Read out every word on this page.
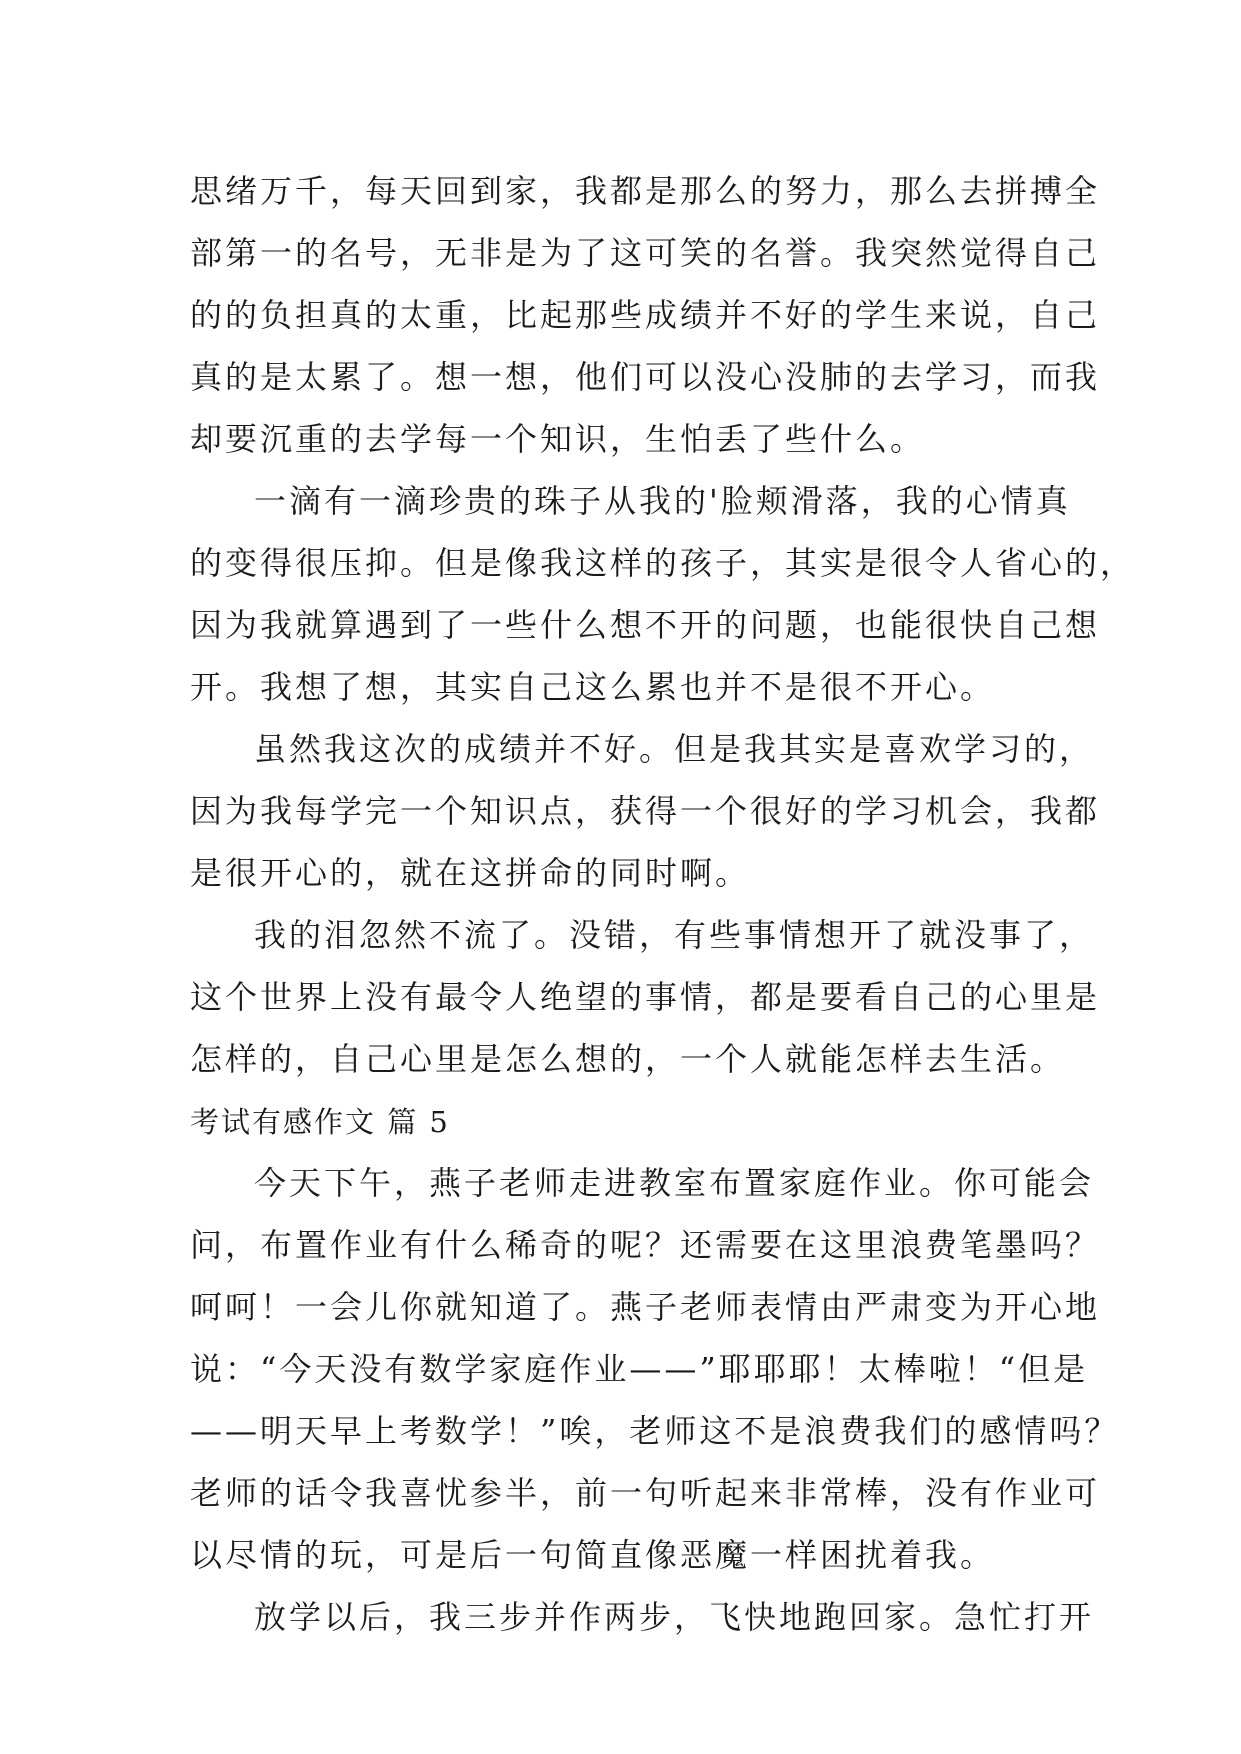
思绪万千，每天回到家，我都是那么的努力，那么去拼搏全
部第一的名号，无非是为了这可笑的名誉。我突然觉得自己
的的负担真的太重，比起那些成绩并不好的学生来说，自己
真的是太累了。想一想，他们可以没心没肺的去学习，而我
却要沉重的去学每一个知识，生怕丢了些什么。
一滴有一滴珍贵的珠子从我的'脸颊滑落，我的心情真
的变得很压抑。但是像我这样的孩子，其实是很令人省心的，
因为我就算遇到了一些什么想不开的问题，也能很快自己想
开。我想了想，其实自己这么累也并不是很不开心。
虽然我这次的成绩并不好。但是我其实是喜欢学习的，
因为我每学完一个知识点，获得一个很好的学习机会，我都
是很开心的，就在这拼命的同时啊。
我的泪忽然不流了。没错，有些事情想开了就没事了，
这个世界上没有最令人绝望的事情，都是要看自己的心里是
怎样的，自己心里是怎么想的，一个人就能怎样去生活。
考试有感作文 篇 5
今天下午，燕子老师走进教室布置家庭作业。你可能会
问，布置作业有什么稀奇的呢？还需要在这里浪费笔墨吗？
呵呵！一会儿你就知道了。燕子老师表情由严肃变为开心地
说：“今天没有数学家庭作业——”耶耶耶！太棒啦！“但是
——明天早上考数学！”唉，老师这不是浪费我们的感情吗？
老师的话令我喜忧参半，前一句听起来非常棒，没有作业可
以尽情的玩，可是后一句简直像恶魔一样困扰着我。
放学以后，我三步并作两步，飞快地跑回家。急忙打开
